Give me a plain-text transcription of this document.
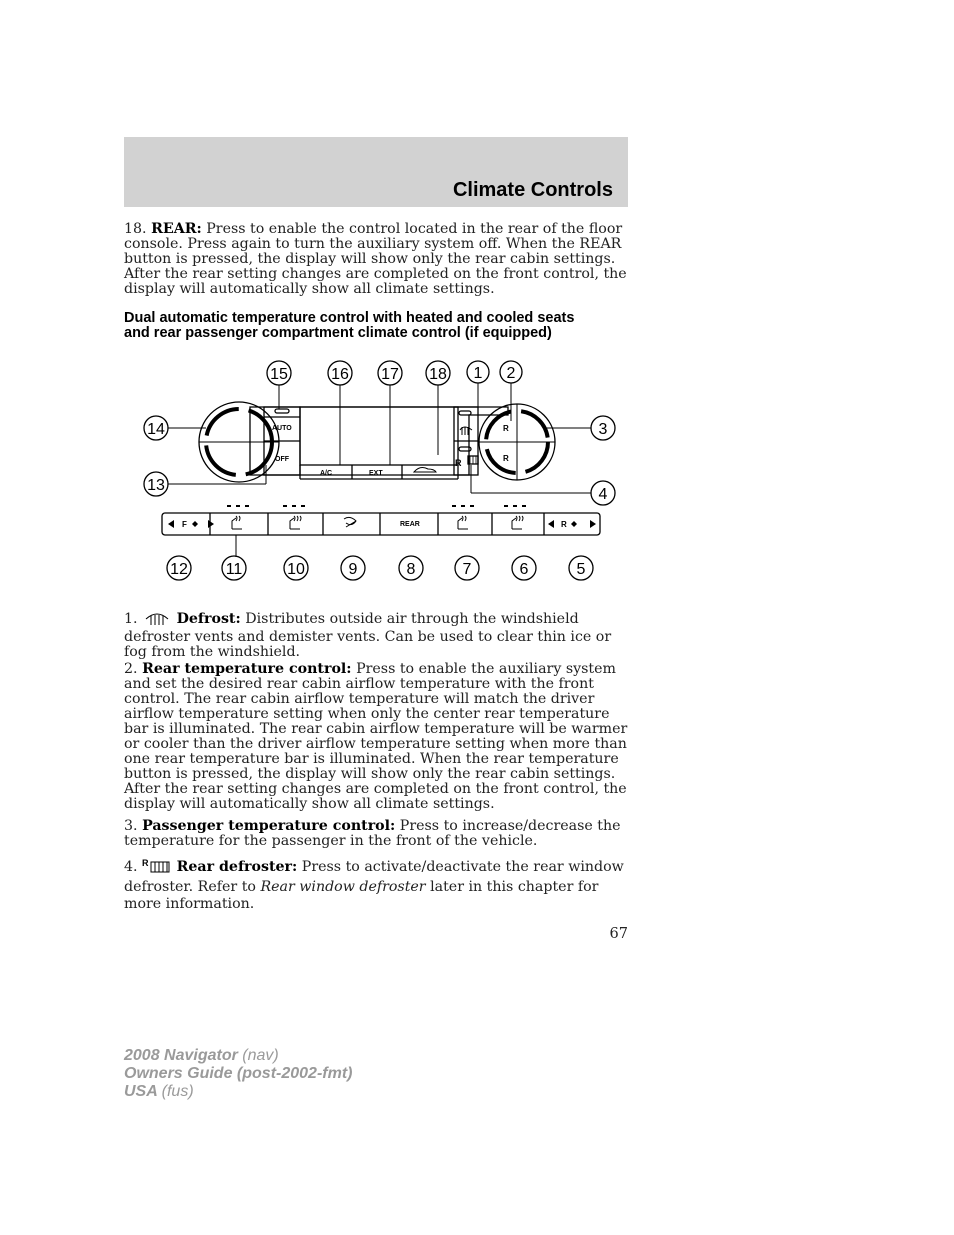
Climate Controls
18. REAR: Press to enable the control located in the rear of the floor console. Press again to turn the auxiliary system off. When the REAR button is pressed, the display will show only the rear cabin settings. After the rear setting changes are completed on the front control, the display will automatically show all climate settings.
Dual automatic temperature control with heated and cooled seats
and rear passenger compartment climate control (if equipped)
AUTO
OFF
A/C	EXT
REAR
R
R
R
F	R
15	16 17 18 1 2
14	3
13
4
12 11	10	9	8	7	6	5
1.	Defrost: Distributes outside air through the windshield defroster vents and demister vents. Can be used to clear thin ice or fog from the windshield.
2. Rear temperature control: Press to enable the auxiliary system and set the desired rear cabin airflow temperature with the front control. The rear cabin airflow temperature will match the driver airflow temperature setting when only the center rear temperature bar is illuminated. The rear cabin airflow temperature will be warmer or cooler than the driver airflow temperature setting when more than one rear temperature bar is illuminated. When the rear temperature button is pressed, the display will show only the rear cabin settings. After the rear setting changes are completed on the front control, the display will automatically show all climate settings.
3. Passenger temperature control: Press to increase/decrease the temperature for the passenger in the front of the vehicle.
4. R Rear defroster: Press to activate/deactivate the rear window defroster. Refer to Rear window defroster later in this chapter for more information.
67
2008 Navigator (nav)
Owners Guide (post-2002-fmt)
USA (fus)
